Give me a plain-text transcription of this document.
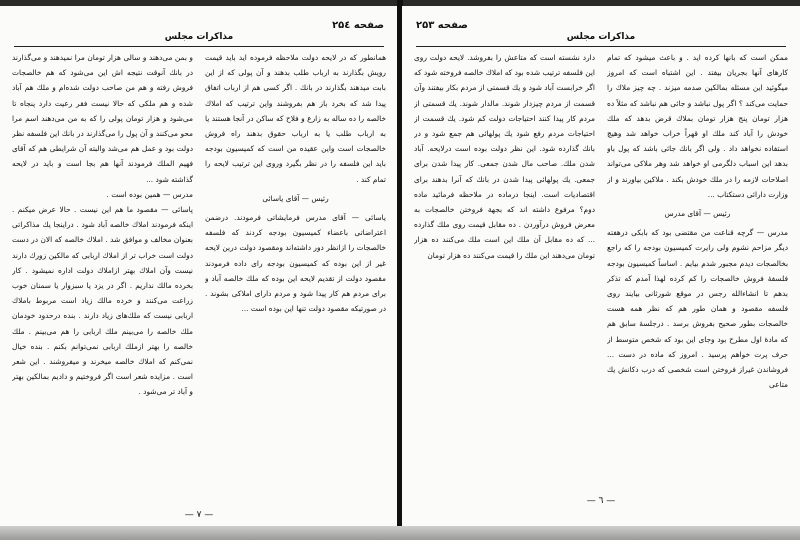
صفحه ۲۵٤
مذاکرات مجلس

همانطور که در لایحه دولت ملاحظه فرموده اید باید قیمت رویش بگذارند به ارباب طلب بدهند و آن پولی که از این بابت میدهند بگذارند در بانك . اگر کسی هم از ارباب اتفاق پیدا شد که بخرد باز هم بفروشند واین ترتیب که املاك خالصه را ده ساله به زارع و فلاح که ساکن در آنجا هستند یا به ارباب طلب یا به ارباب حقوق بدهند راه فروش خالصجات است واین عقیده من است که کمیسیون بودجه باید این فلسفه را در نظر بگیرد وروی این ترتیب لایحه را تمام کند .

رئیس — آقای یاسائی

یاسائی — آقای مدرس فرمایشاتی فرمودند. درضمن اعتراضاتی باعضاء کمیسیون بودجه کردند که فلسفه خالصجات را ازانظر دور داشته‌اند ومقصود دولت درین لایحه غیر از این بوده که کمیسیون بودجه رای داده فرمودند مقصود دولت از تقدیم لایحه این بوده که ملك خالصه آباد و برای مردم هم کار پیدا شود و مردم دارای املاکی بشوند . در صورتیکه مقصود دولت تنها این بوده است ...

و بمن می‌دهند و سالی هزار تومان مرا نمیدهند و می‌گذارند در بانك آنوقت نتیجه اش این می‌شود که هم خالصجات فروش رفته و هم من صاحب دولت شده‌ام و ملك هم آباد شده و هم ملکی که حالا نیست فقر رعیت دارد پنجاه تا می‌شود و هزار تومان پولی را که به من می‌دهند اسم مرا محو می‌کنند و آن پول را می‌گذارند در بانك این فلسفه نظر دولت بود و عمل هم می‌شد والبته آن شرایطی هم که آقای فهیم الملك فرمودند آنها هم بجا است و باید در لایحه گذاشته شود ...

مدرس — همین بوده است .

پاسائی — مقصود ما هم این نیست . حالا عرض میکنم . اینکه فرمودند املاك خالصه آباد شود . دراینجا یك مذاکراتی بعنوان مخالف و موافق شد . املاك خالصه که الان در دست دولت است خراب تر از املاك اربابی که مالکین زورك دارند نیست وآن املاك بهتر ازاملاك دولت اداره نمیشود . کار بخرده مالك نداریم . اگر در یزد یا سبزوار یا سمنان خوب زراعت می‌کنند و خرده مالك زیاد است مربوط باملاك اربابی نیست که ملك‌های زیاد دارند . بنده درحدود خودمان ملك خالصه را می‌بینم ملك اربابی را هم می‌بینم . ملك خالصه را بهتر ازملك اربابی نمی‌توانم بکنم . بنده خیال نمی‌کنم که املاك خالصه میخرند و میفروشند . این شعر است . مزایده شعر است اگر فروختیم و دادیم بمالکین بهتر و آباد تر می‌شود .

— ۷ —
صفحه ۲۵۳
مذاکرات مجلس

ممکن است که بانها کرده اید . و باعث میشود که تمام کارهای آنها بجریان بیفتد . این اشتباه است که امروز میگوئید این مسئله بمالکین صدمه میزند . چه چیز ملاك را حمایت می‌کند ؟ اگر پول نباشد و جائی هم نباشد که مثلاً ده هزار تومان پنج هزار تومان بملاك قرض بدهد که ملك خودش را آباد کند ملك او قهراً خراب خواهد شد وهیچ استفاده نخواهد داد . ولی اگر بانك جائی باشد که پول باو بدهد این اسباب دلگرمی او خواهد شد وهر ملاکی می‌تواند اصلاحات لازمه را در ملك خودش بکند . ملاکین بیاورند و از وزارت دارائی دستکتاب ...

رئیس — آقای مدرس

مدرس — گرچه قناعت من مقتضی بود که بابکی درهفته دیگر مزاحم نشوم ولی رایرت کمیسیون بودجه را که راجع بخالصجات دیدم مجبور شدم بیایم . اساساً کمیسیون بودجه فلسفهٔ فروش خالصجات را کم کرده لهذا آمدم که تذکر بدهم تا انشاءالله رجس در موقع شورثانی بیایند روی فلسفه مقصود و همان طور هم که نظر همه هست خالصجات بطور صحیح بفروش برسد . درجلسهٔ سابق هم که مادهٔ اول مطرح بود وجای این بود که شخص متوسط از حرف پرت خواهم پرسید . امروز که ماده در دست ... فروشاندن غیراز فروختن است شخصی که درب دکانش یك متاعی

دارد نشسته است که متاعش را بفروشد. لایحه دولت روی این فلسفه ترتیب شده بود که املاك خالصه فروخته شود که اگر خرابست آباد شود و یك قسمتی از مردم بکار بیفتند وآن قسمت از مردم چیزدار شوند. مالدار شوند. یك قسمتی از مردم کار پیدا کنند احتیاجات دولت کم شود. یك قسمت از احتیاجات مردم رفع شود یك پولهائی هم جمع شود و در بانك گذارده شود. این نظر دولت بوده است درلایحه. آباد شدن ملك. صاحب مال شدن جمعی. کار پیدا شدن برای جمعی. یك پولهائی پیدا شدن در بانك که آنرا بدهند برای اقتصادیات است. اینجا درماده در ملاحظه فرمائید ماده دوم؟ مرفوع داشته اند که بجهة فروختن خالصجات به معرض فروش درآوردن . ده مقابل قیمت روی ملك گذارده ... که ده مقابل آن ملك این است ملك می‌کنند ده هزار تومان می‌دهند این ملك را قیمت می‌کنند ده هزار تومان

— ٦ —
